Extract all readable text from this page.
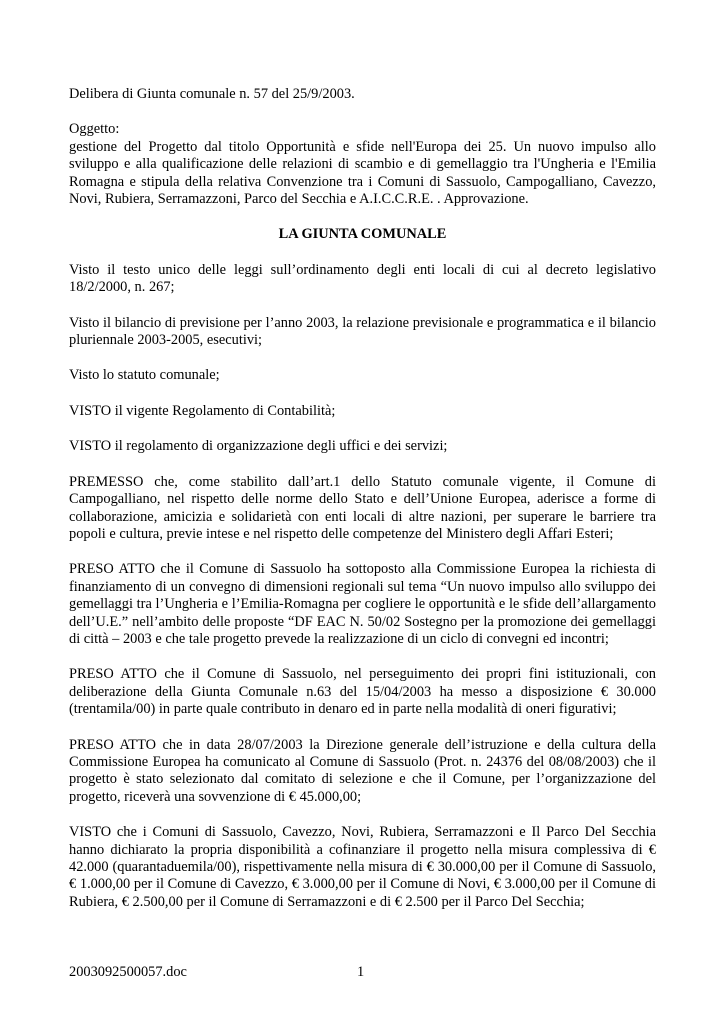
Delibera di Giunta comunale n. 57 del 25/9/2003.

Oggetto:
gestione del Progetto dal titolo Opportunità e sfide nell'Europa dei 25. Un nuovo impulso allo sviluppo e alla qualificazione delle relazioni di scambio e di gemellaggio tra l'Ungheria e l'Emilia Romagna e stipula della relativa Convenzione tra i Comuni di Sassuolo, Campogalliano, Cavezzo, Novi, Rubiera, Serramazzoni, Parco del Secchia e A.I.C.C.R.E. . Approvazione.

LA GIUNTA COMUNALE

Visto il testo unico delle leggi sull’ordinamento degli enti locali di cui al decreto legislativo 18/2/2000, n. 267;

Visto il bilancio di previsione per l’anno 2003, la relazione previsionale e programmatica e il bilancio pluriennale 2003-2005, esecutivi;

Visto lo statuto comunale;

VISTO il vigente Regolamento di Contabilità;

VISTO il regolamento di organizzazione degli uffici e dei servizi;

PREMESSO che, come stabilito dall’art.1 dello Statuto comunale vigente, il Comune di Campogalliano, nel rispetto delle norme dello Stato e dell’Unione Europea, aderisce a forme di collaborazione, amicizia e solidarietà con enti locali di altre nazioni, per superare le barriere tra popoli e cultura, previe intese e nel rispetto delle competenze del Ministero degli Affari Esteri;

PRESO ATTO che il Comune di Sassuolo ha sottoposto alla Commissione Europea la richiesta di finanziamento di un convegno di dimensioni regionali sul tema “Un nuovo impulso allo sviluppo dei gemellaggi tra l’Ungheria e l’Emilia-Romagna per cogliere le opportunità e le sfide dell’allargamento dell’U.E.” nell’ambito delle proposte “DF EAC N. 50/02 Sostegno per la promozione dei gemellaggi di città – 2003 e che tale progetto prevede la realizzazione di un ciclo di convegni ed incontri;

PRESO ATTO che il Comune di Sassuolo, nel perseguimento dei propri fini istituzionali, con deliberazione della Giunta Comunale n.63 del 15/04/2003 ha messo a disposizione € 30.000 (trentamila/00) in parte quale contributo in denaro ed in parte nella modalità di oneri figurativi;

PRESO ATTO che in data 28/07/2003 la Direzione generale dell’istruzione e della cultura della Commissione Europea ha comunicato al Comune di Sassuolo (Prot. n. 24376 del 08/08/2003) che il progetto è stato selezionato dal comitato di selezione e che il Comune, per l’organizzazione del progetto, riceverà una sovvenzione di € 45.000,00;

VISTO che i Comuni di Sassuolo, Cavezzo, Novi, Rubiera, Serramazzoni e Il Parco Del Secchia hanno dichiarato la propria disponibilità a cofinanziare il progetto nella misura complessiva di € 42.000 (quarantaduemila/00), rispettivamente nella misura di € 30.000,00 per il Comune di Sassuolo, € 1.000,00 per il Comune di Cavezzo, € 3.000,00 per il Comune di Novi, € 3.000,00 per il Comune di Rubiera, € 2.500,00 per il Comune di Serramazzoni e di € 2.500 per il Parco Del Secchia;

2003092500057.doc	1
